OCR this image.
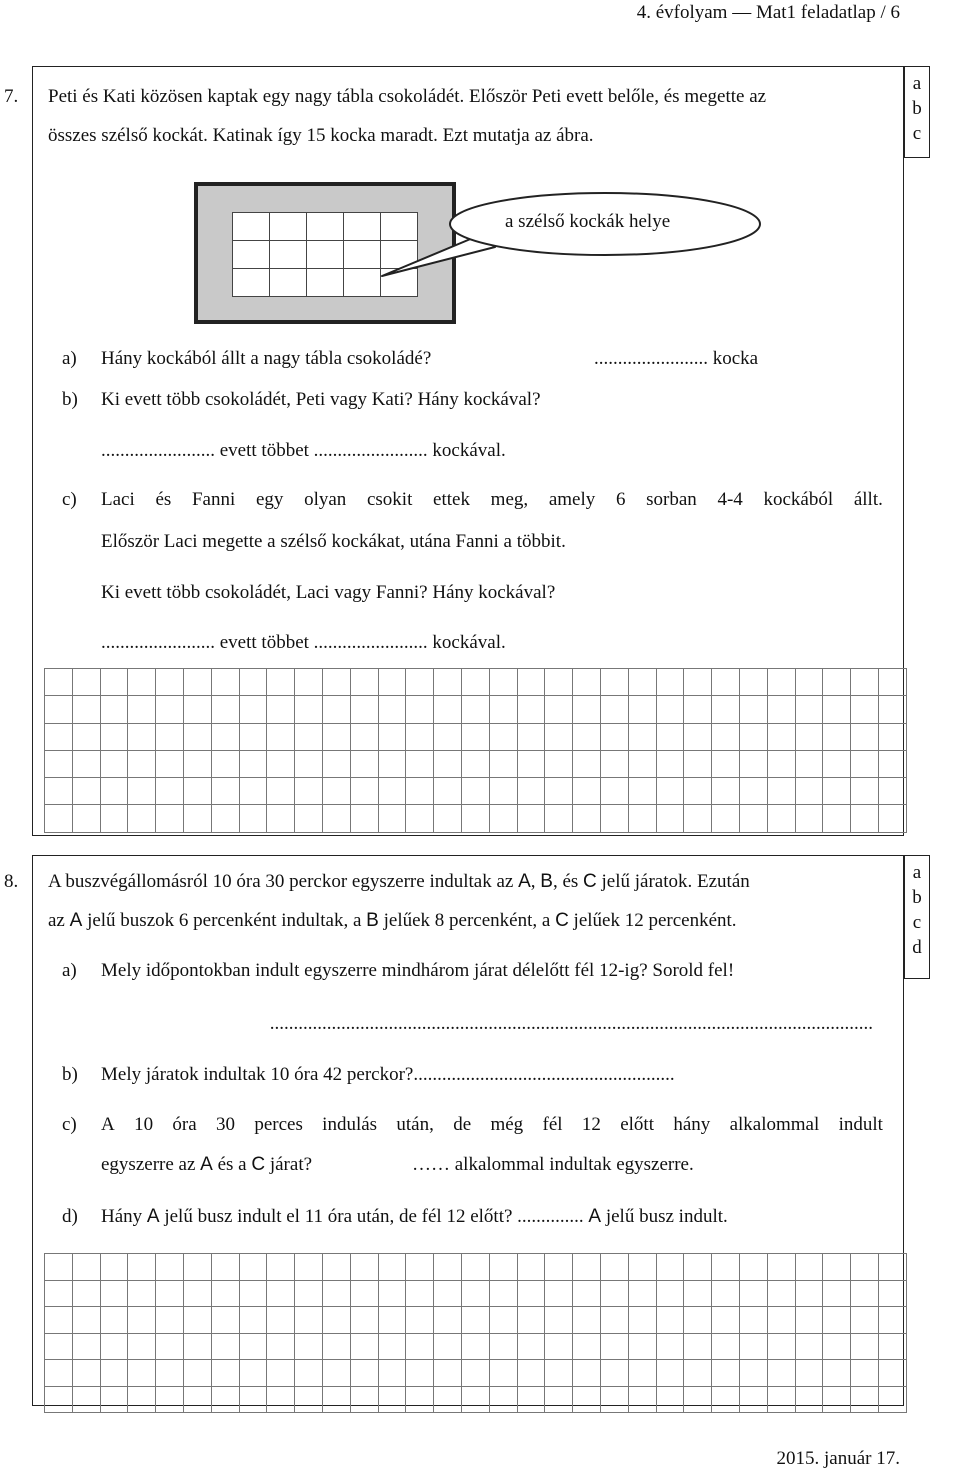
4. évfolyam — Mat1 feladatlap / 6
a
b
c
7. Peti és Kati közösen kaptak egy nagy tábla csokoládét. Először Peti evett belőle, és megette az
összes szélső kockát. Katinak így 15 kocka maradt. Ezt mutatja az ábra.
a szélső kockák helye
a) Hány kockából állt a nagy tábla csokoládé?	........................ kocka
b) Ki evett több csokoládét, Peti vagy Kati? Hány kockával?
........................ evett többet ........................ kockával.
c) Laci és Fanni egy olyan csokit ettek meg, amely 6 sorban 4-4 kockából állt.
Először Laci megette a szélső kockákat, utána Fanni a többit.
Ki evett több csokoládét, Laci vagy Fanni? Hány kockával?
........................ evett többet ........................ kockával.
a
b
c
d
8. A buszvégállomásról 10 óra 30 perckor egyszerre indultak az A, B, és C jelű járatok. Ezután
az A jelű buszok 6 percenként indultak, a B jelűek 8 percenként, a C jelűek 12 percenként.
a) Mely időpontokban indult egyszerre mindhárom járat délelőtt fél 12-ig? Sorold fel!
...............................................................................................................................
b) Mely járatok indultak 10 óra 42 perckor?.......................................................
c) A 10 óra 30 perces indulás után, de még fél 12 előtt hány alkalommal indult
egyszerre az A és a C járat?	…… alkalommal indultak egyszerre.
d) Hány A jelű busz indult el 11 óra után, de fél 12 előtt? .............. A jelű busz indult.
2015. január 17.
